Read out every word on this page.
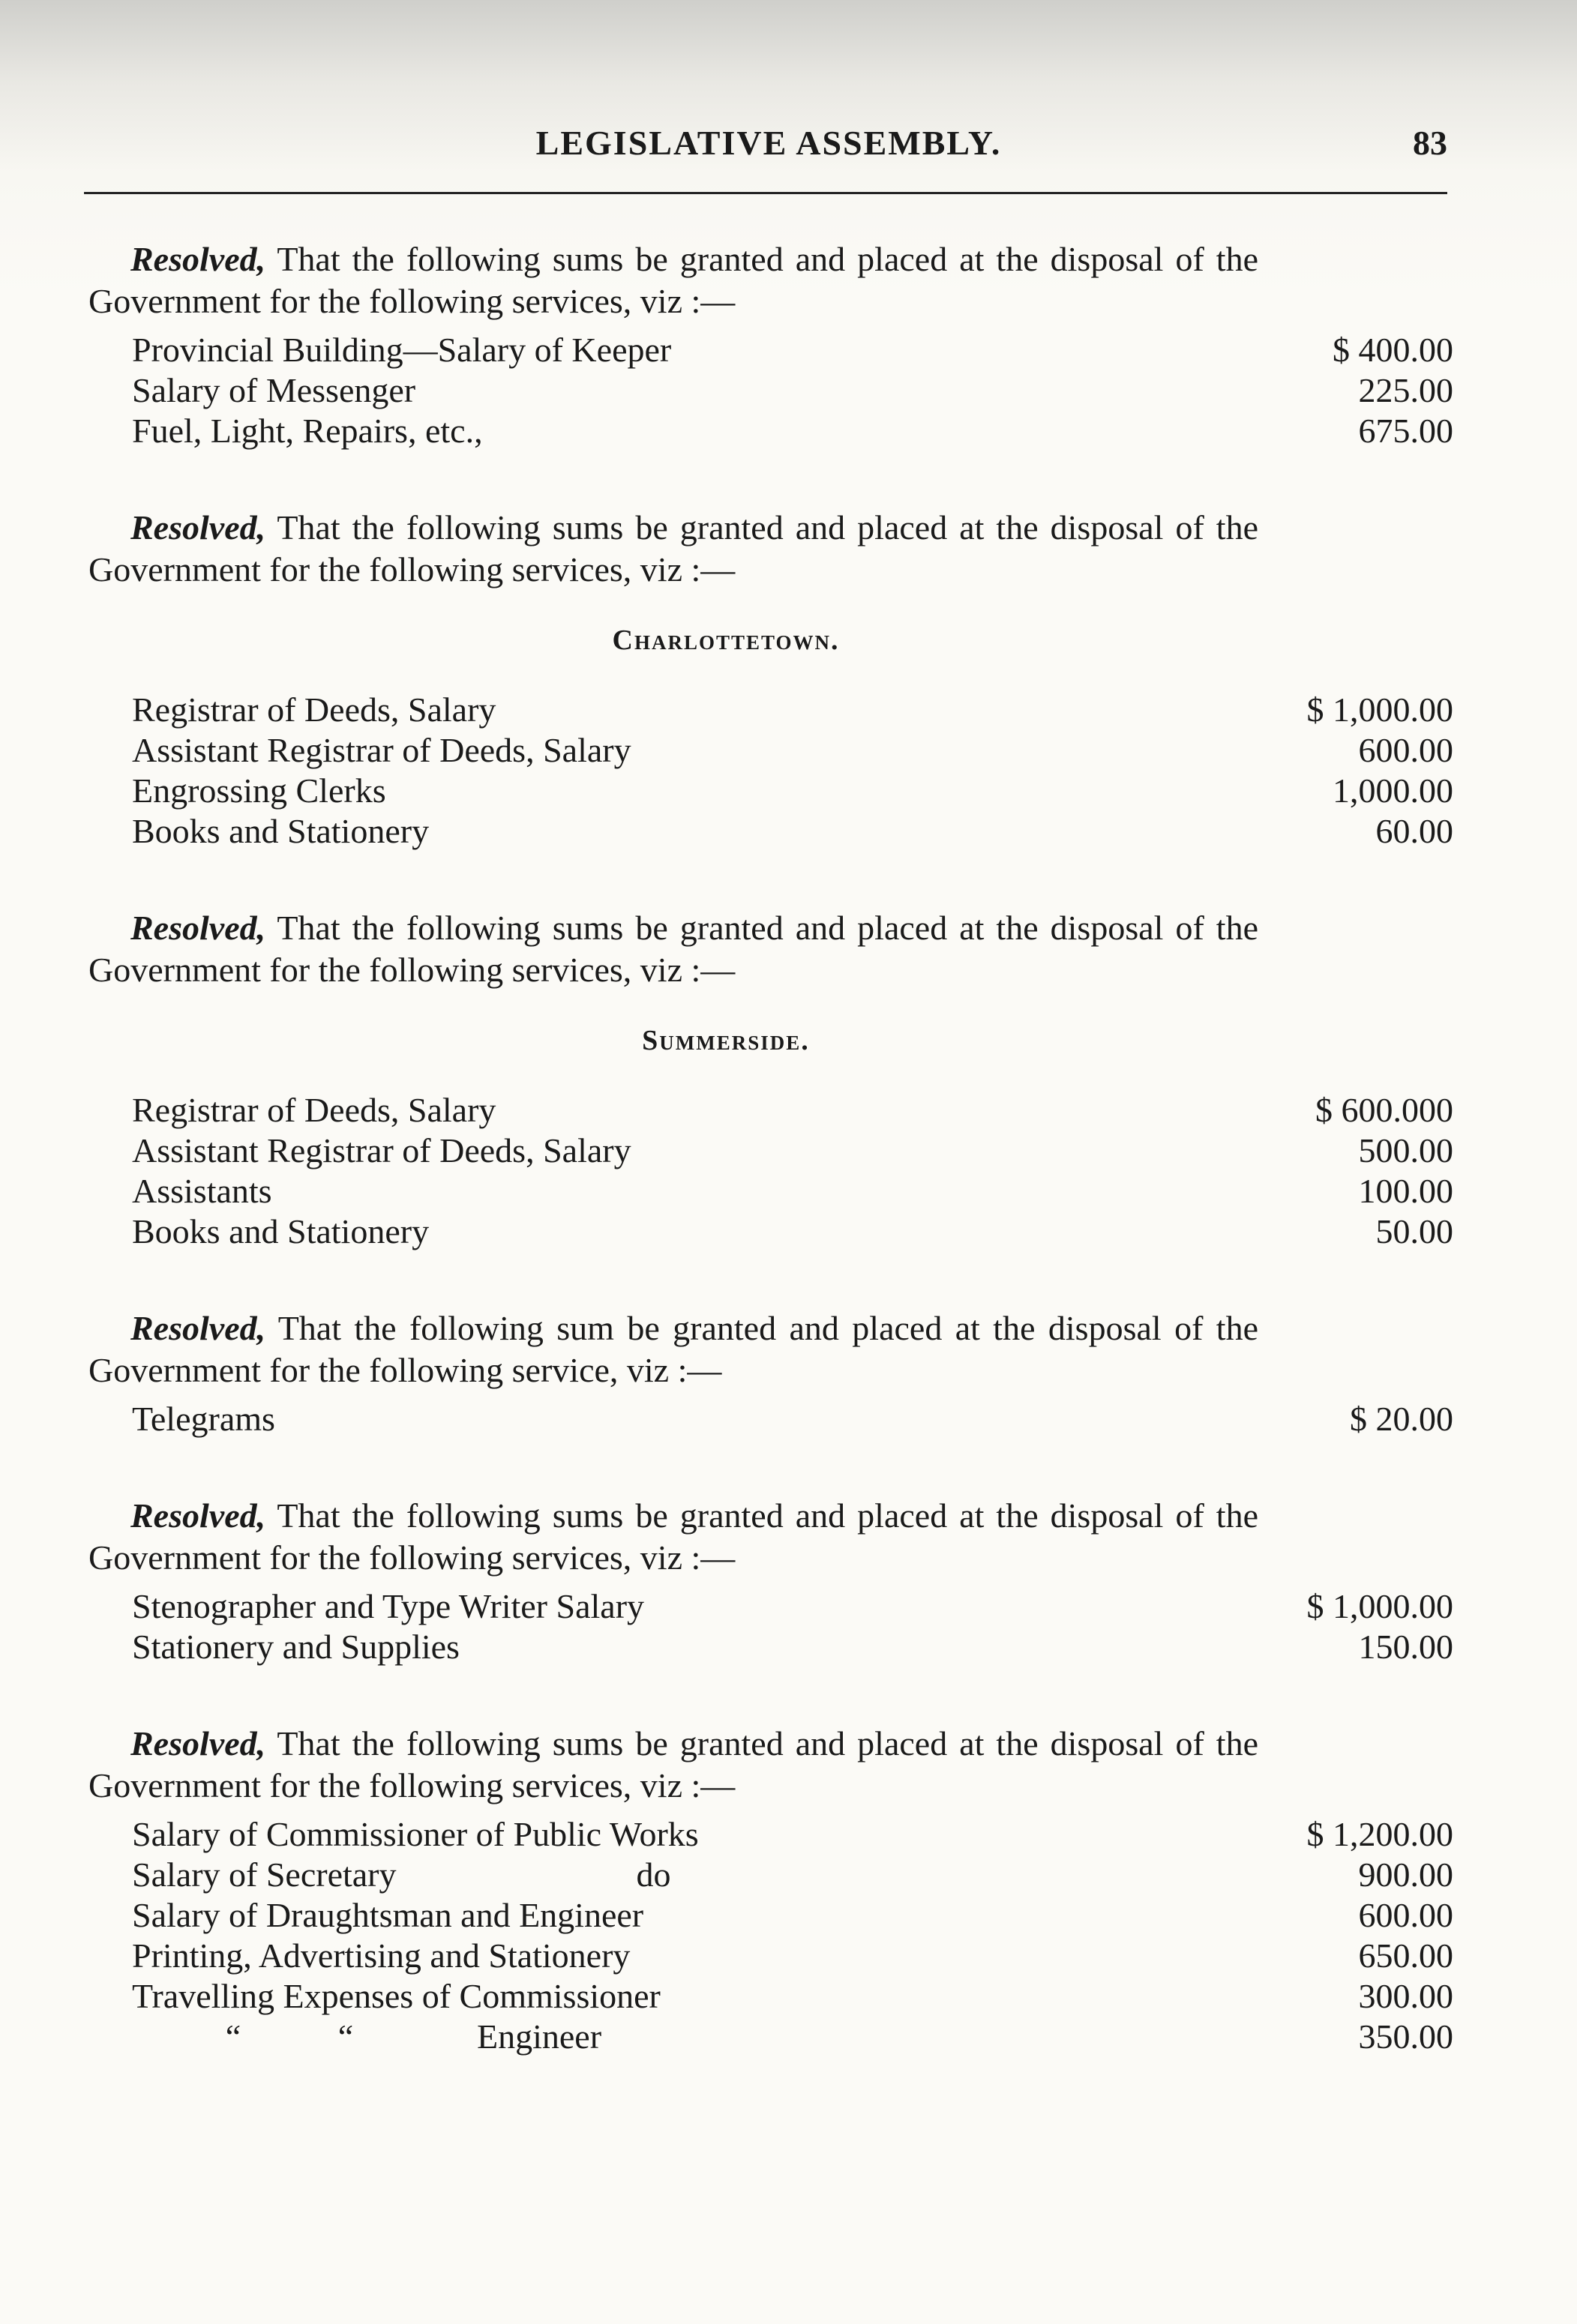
LEGISLATIVE ASSEMBLY.	83

Resolved, That the following sums be granted and placed at the disposal of the Government for the following services, viz :—

Provincial Building—Salary of Keeper	$ 400.00
Salary of Messenger	225.00
Fuel, Light, Repairs, etc.,	675.00

Resolved, That the following sums be granted and placed at the disposal of the Government for the following services, viz :—

Charlottetown.
Registrar of Deeds, Salary	$ 1,000.00
Assistant Registrar of Deeds, Salary	600.00
Engrossing Clerks	1,000.00
Books and Stationery	60.00

Resolved, That the following sums be granted and placed at the disposal of the Government for the following services, viz :—

Summerside.
Registrar of Deeds, Salary	$ 600.000
Assistant Registrar of Deeds, Salary	500.00
Assistants	100.00
Books and Stationery	50.00

Resolved, That the following sum be granted and placed at the disposal of the Government for the following service, viz :—

Telegrams	$ 20.00

Resolved, That the following sums be granted and placed at the disposal of the Government for the following services, viz :—

Stenographer and Type Writer Salary	$ 1,000.00
Stationery and Supplies	150.00

Resolved, That the following sums be granted and placed at the disposal of the Government for the following services, viz :—

Salary of Commissioner of Public Works	$ 1,200.00
Salary of Secretary	do	900.00
Salary of Draughtsman and Engineer	600.00
Printing, Advertising and Stationery	650.00
Travelling Expenses of Commissioner	300.00
“	“	Engineer	350.00
